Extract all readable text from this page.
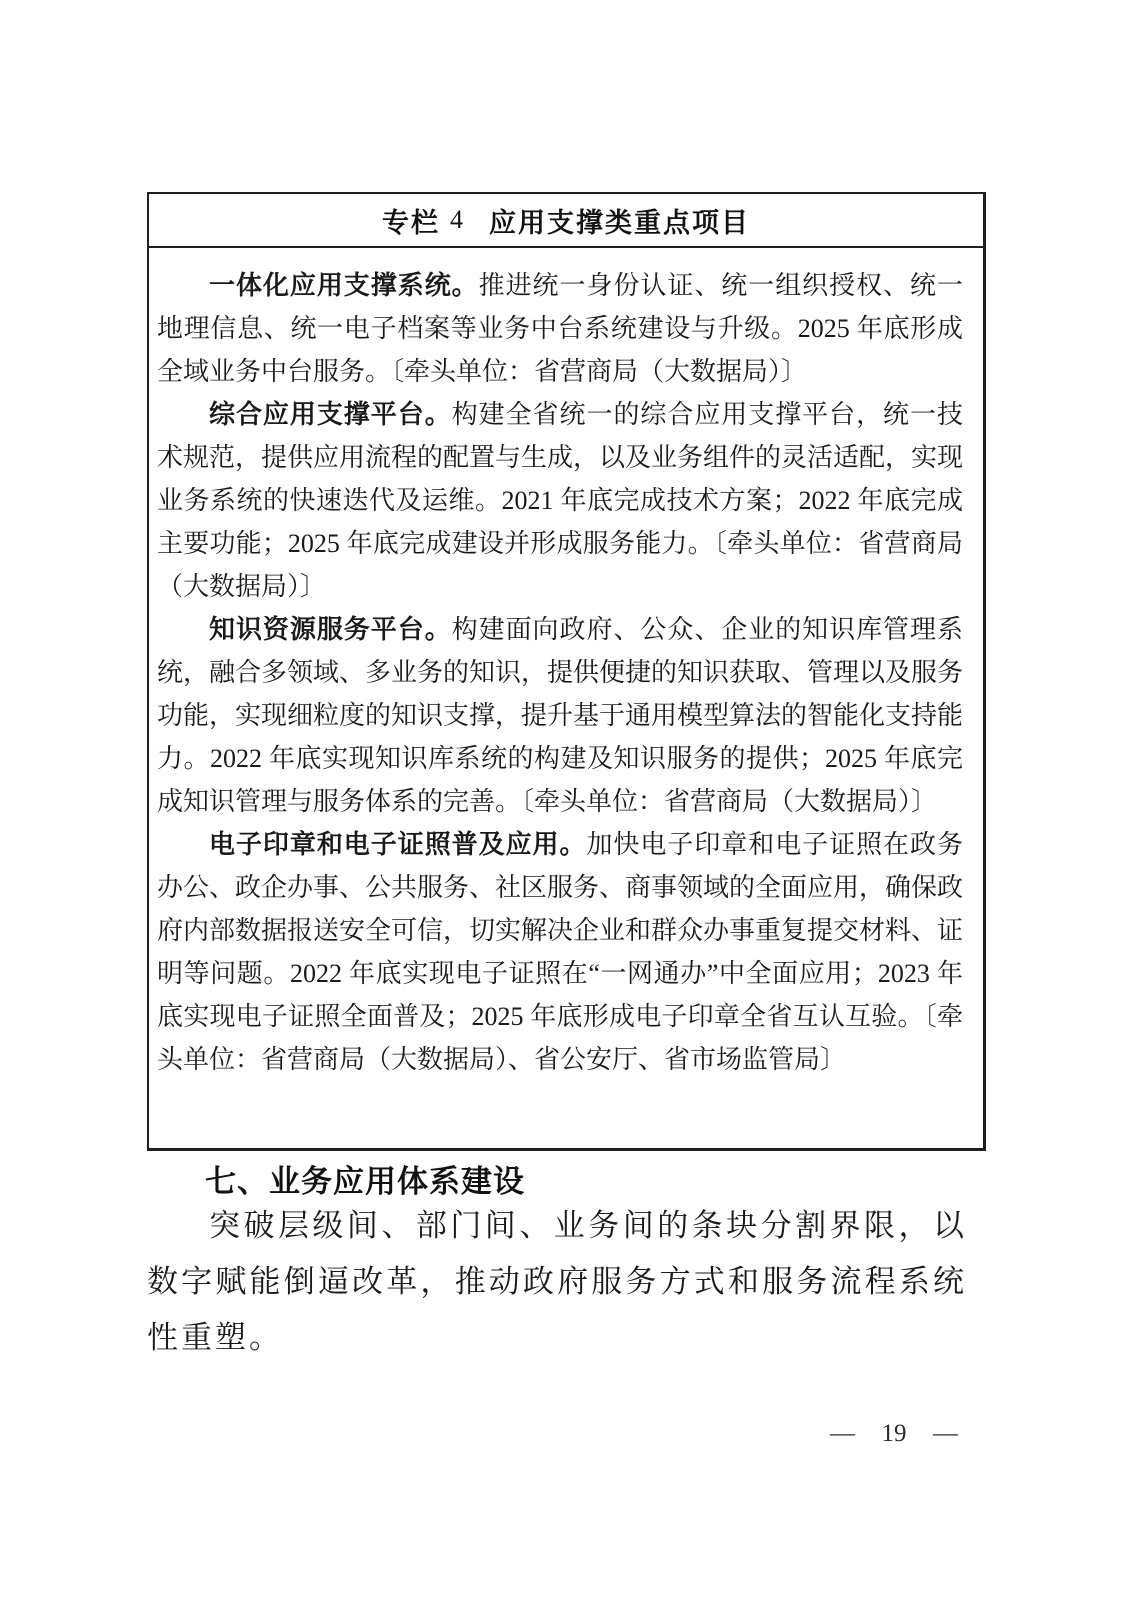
专栏 4 应用支撑类重点项目

一体化应用支撑系统。推进统一身份认证、统一组织授权、统一地理信息、统一电子档案等业务中台系统建设与升级。2025 年底形成全域业务中台服务。〔牵头单位：省营商局（大数据局）〕

综合应用支撑平台。构建全省统一的综合应用支撑平台，统一技术规范，提供应用流程的配置与生成，以及业务组件的灵活适配，实现业务系统的快速迭代及运维。2021 年底完成技术方案；2022 年底完成主要功能；2025 年底完成建设并形成服务能力。〔牵头单位：省营商局（大数据局）〕

知识资源服务平台。构建面向政府、公众、企业的知识库管理系统，融合多领域、多业务的知识，提供便捷的知识获取、管理以及服务功能，实现细粒度的知识支撑，提升基于通用模型算法的智能化支持能力。2022 年底实现知识库系统的构建及知识服务的提供；2025 年底完成知识管理与服务体系的完善。〔牵头单位：省营商局（大数据局）〕

电子印章和电子证照普及应用。加快电子印章和电子证照在政务办公、政企办事、公共服务、社区服务、商事领域的全面应用，确保政府内部数据报送安全可信，切实解决企业和群众办事重复提交材料、证明等问题。2022 年底实现电子证照在“一网通办”中全面应用；2023 年底实现电子证照全面普及；2025 年底形成电子印章全省互认互验。〔牵头单位：省营商局（大数据局）、省公安厅、省市场监管局〕

七、业务应用体系建设

突破层级间、部门间、业务间的条块分割界限，以数字赋能倒逼改革，推动政府服务方式和服务流程系统性重塑。

— 19 —
